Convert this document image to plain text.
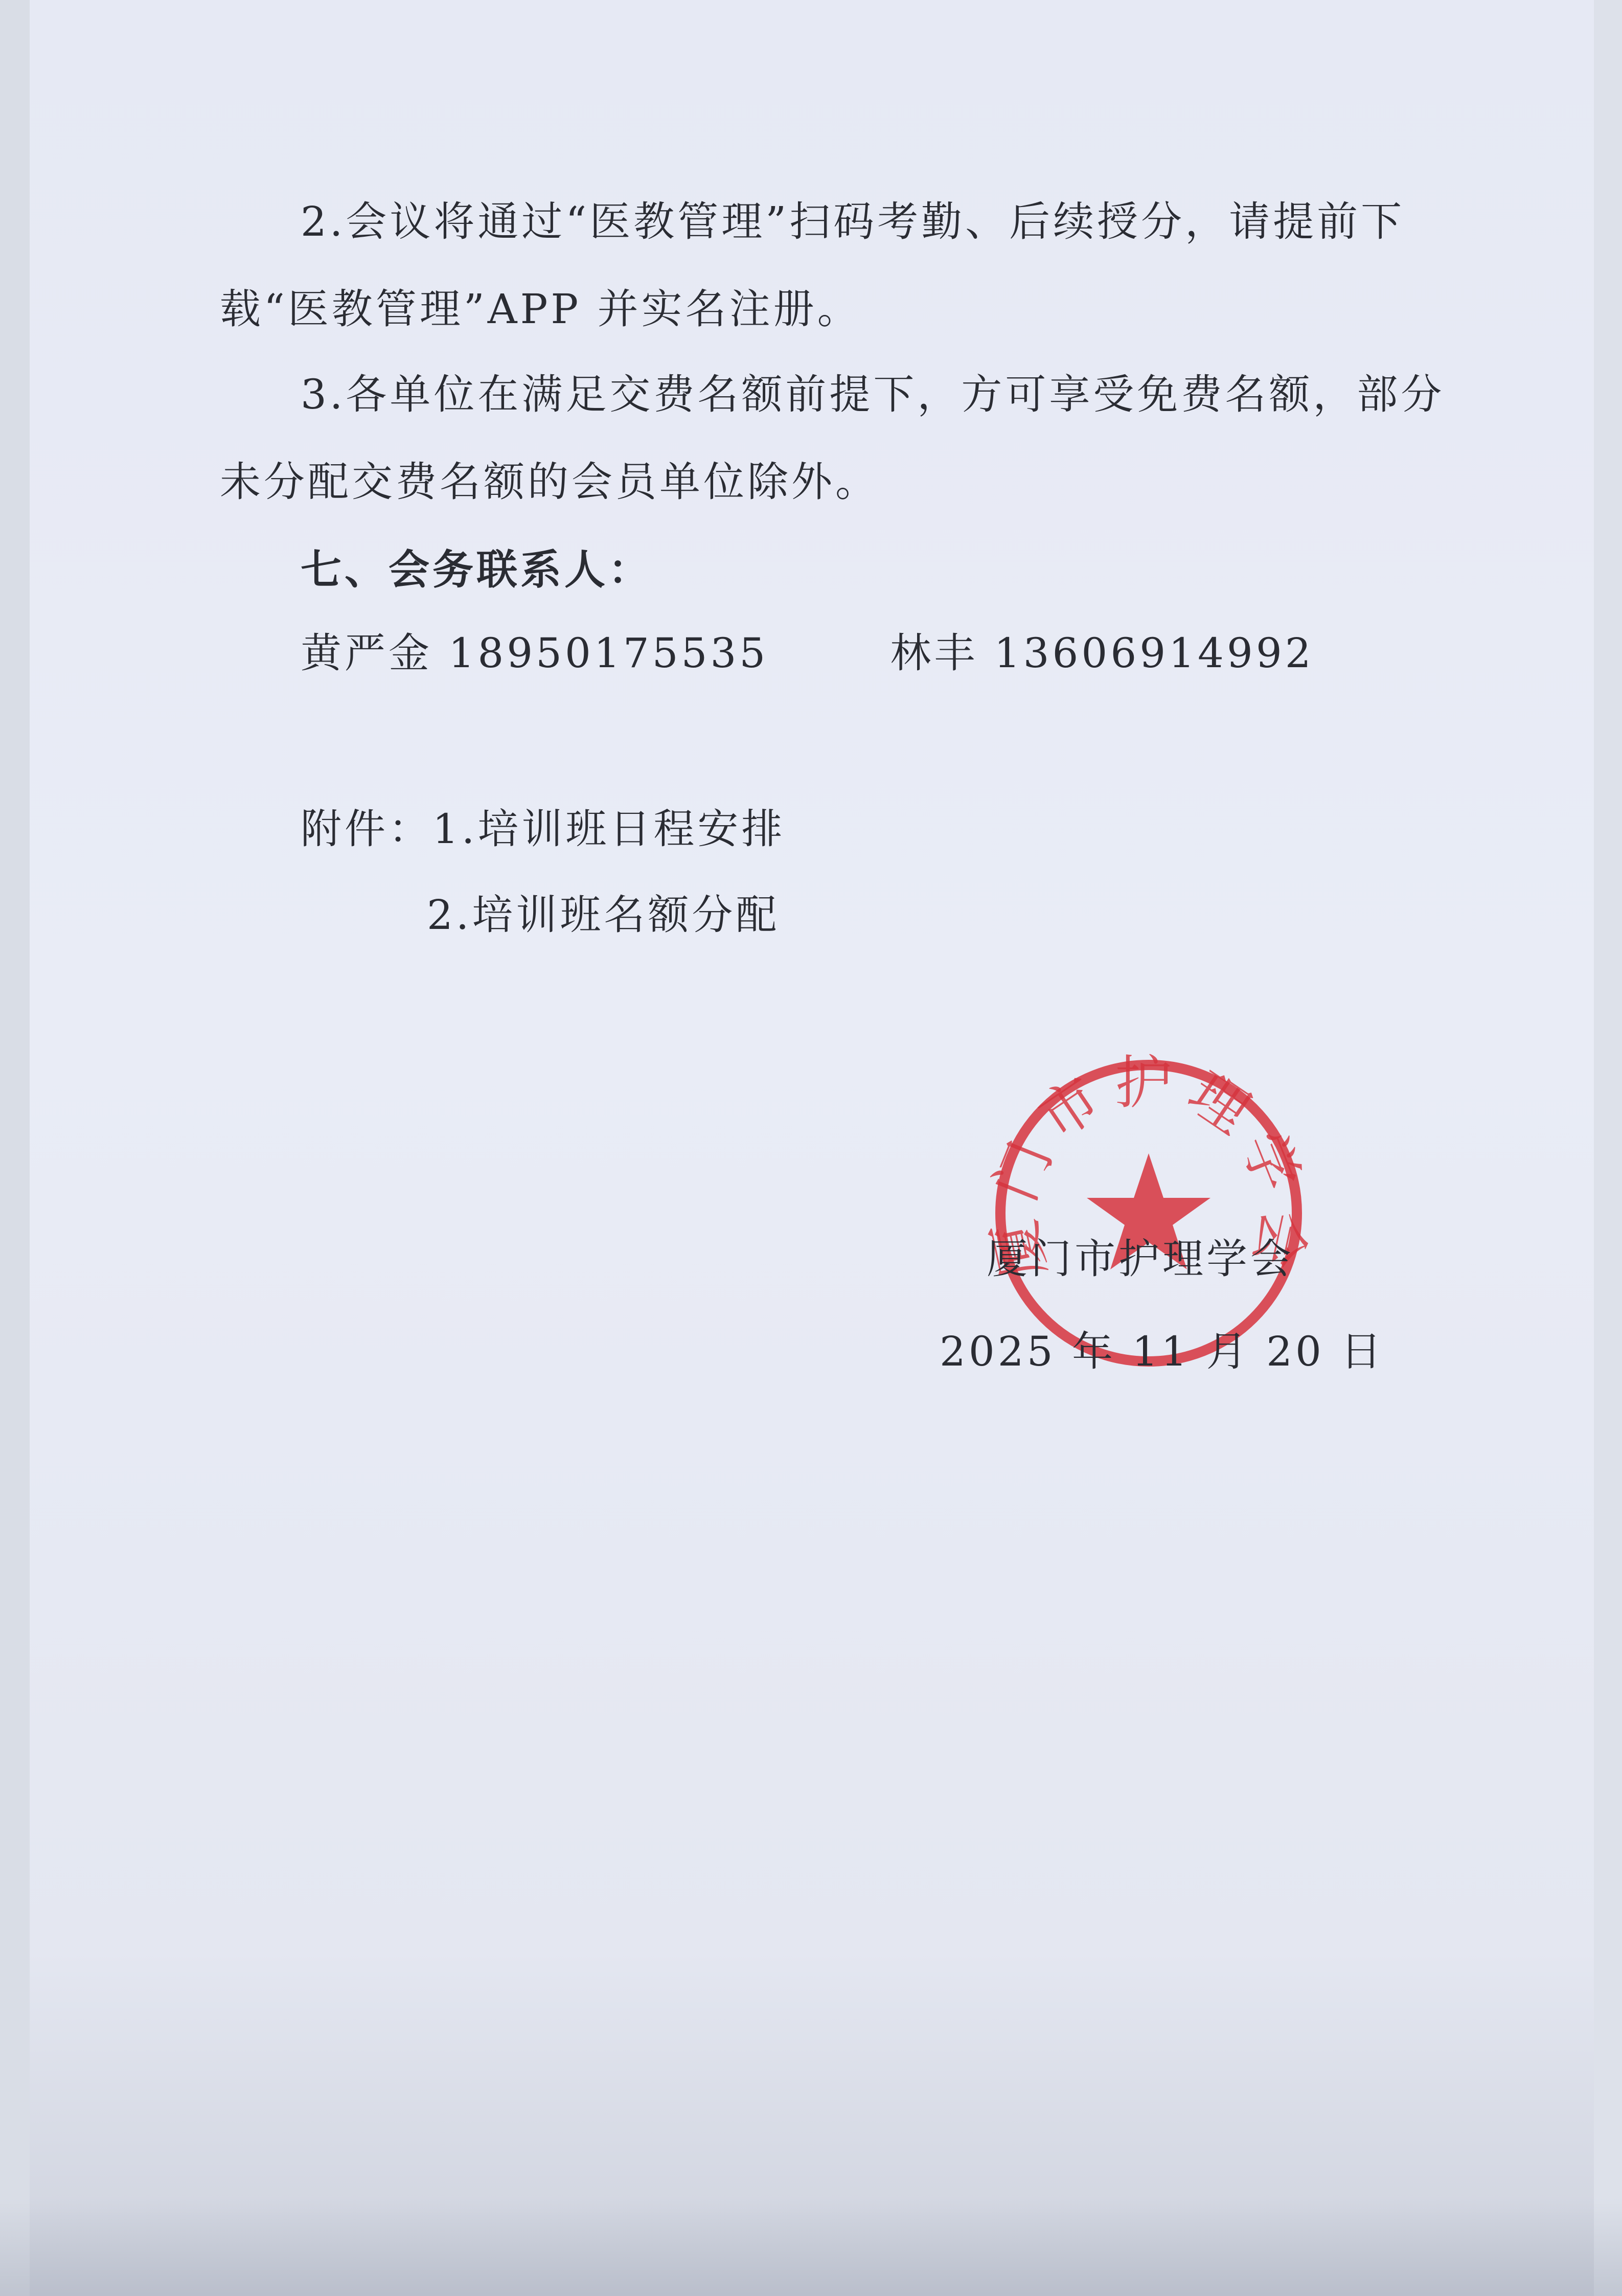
2.会议将通过“医教管理”扫码考勤、后续授分，请提前下
载“医教管理”APP 并实名注册。
3.各单位在满足交费名额前提下，方可享受免费名额，部分
未分配交费名额的会员单位除外。
七、会务联系人：
黄严金 18950175535	林丰 13606914992
附件：1.培训班日程安排
2.培训班名额分配
门市护理学
厦门市护理学会
2025 年 11 月 20 日
